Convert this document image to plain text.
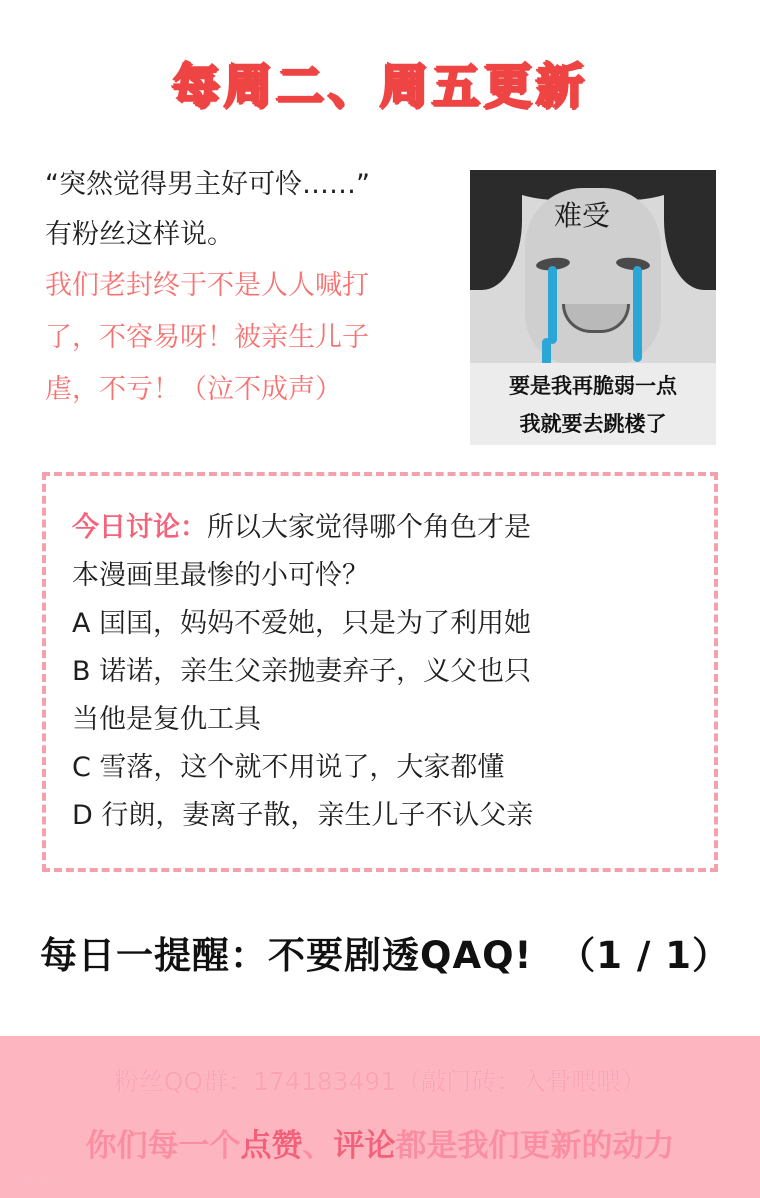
每周二、周五更新
“突然觉得男主好可怜……”
有粉丝这样说。
我们老封终于不是人人喊打
了，不容易呀！被亲生儿子
虐，不亏！（泣不成声）
难受
要是我再脆弱一点
我就要去跳楼了
今日讨论：所以大家觉得哪个角色才是
本漫画里最惨的小可怜？
A 囯囯，妈妈不爱她，只是为了利用她
B 诺诺，亲生父亲抛妻弃子，义父也只
当他是复仇工具
C 雪落，这个就不用说了，大家都懂
D 行朗，妻离子散，亲生儿子不认父亲
（1 / 1）
每日一提醒：不要剧透QAQ!
粉丝QQ群：174183491（敲门砖：入骨喂喂）
你们每一个点赞、评论都是我们更新的动力
漫画台
